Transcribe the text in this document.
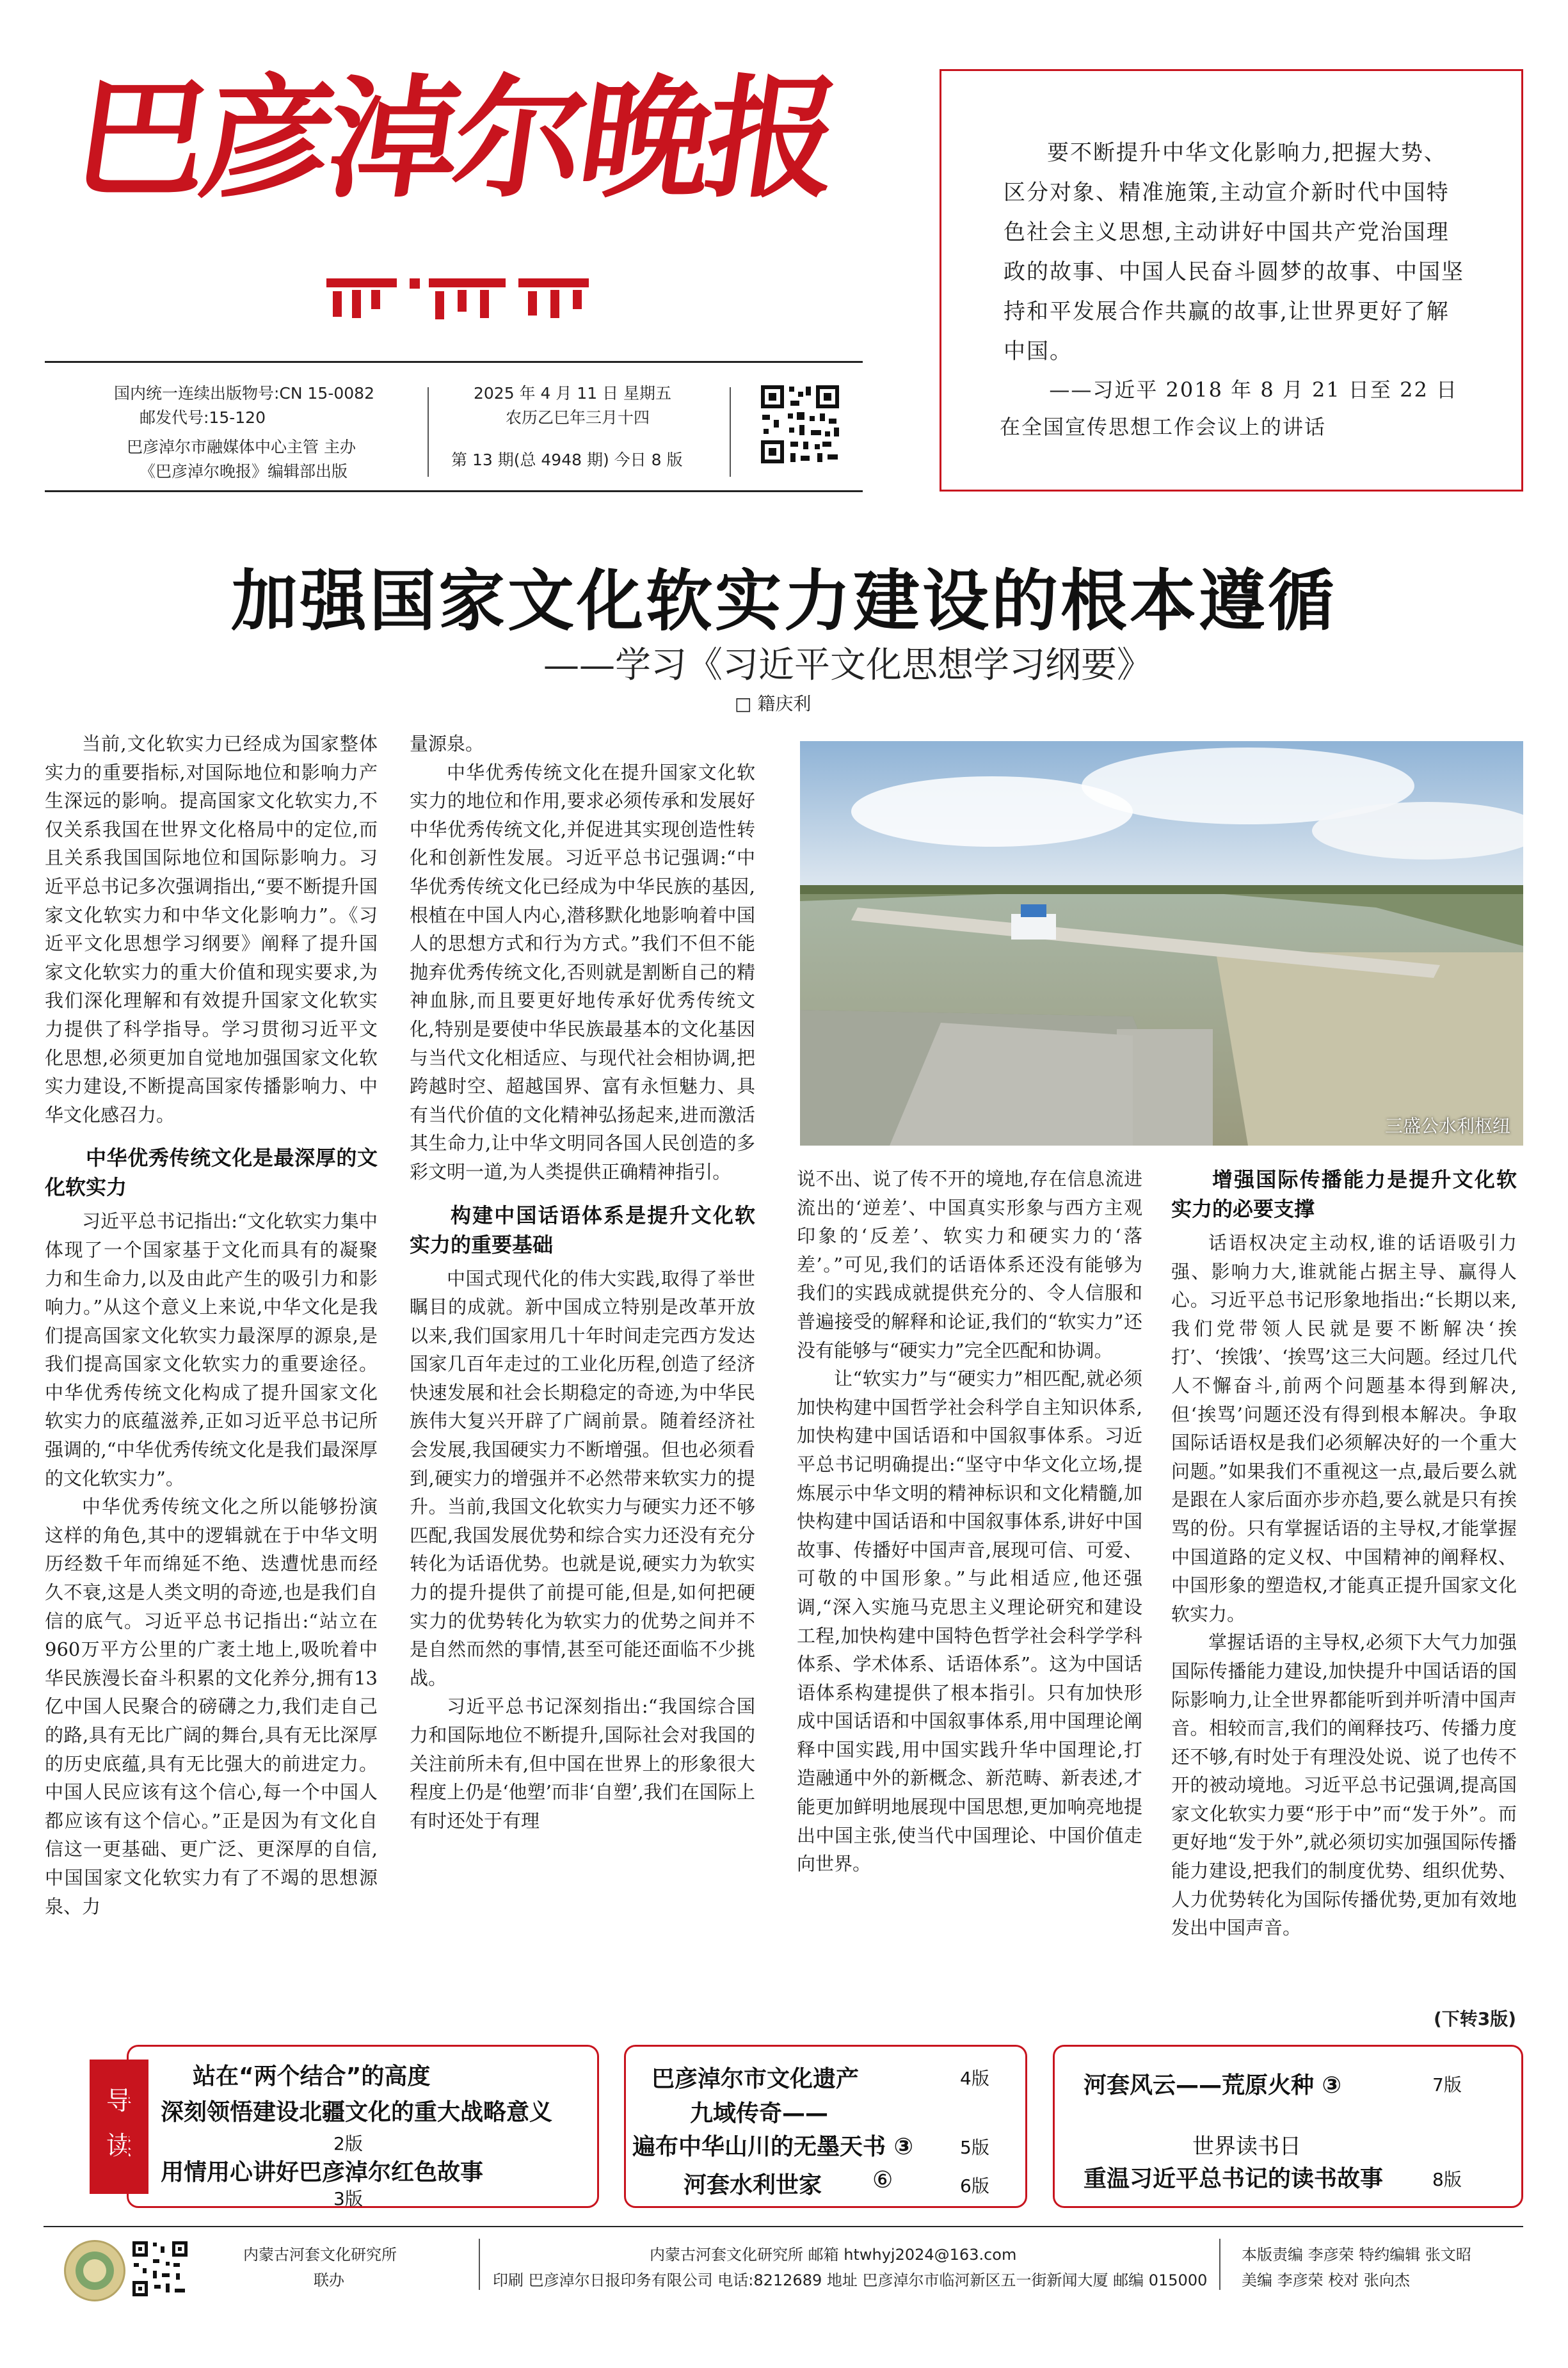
巴彦淖尔晚报
国内统一连续出版物号:CN 15-0082
邮发代号:15-120
巴彦淖尔市融媒体中心主管 主办
《巴彦淖尔晚报》编辑部出版
2025 年 4 月 11 日 星期五
农历乙巳年三月十四
第 13 期(总 4948 期) 今日 8 版
要不断提升中华文化影响力,把握大势、区分对象、精准施策,主动宣介新时代中国特色社会主义思想,主动讲好中国共产党治国理政的故事、中国人民奋斗圆梦的故事、中国坚持和平发展合作共赢的故事,让世界更好了解中国。
——习近平 2018 年 8 月 21 日至 22 日
在全国宣传思想工作会议上的讲话
加强国家文化软实力建设的根本遵循
——学习《习近平文化思想学习纲要》
□ 籍庆利

当前,文化软实力已经成为国家整体实力的重要指标,对国际地位和影响力产生深远的影响。提高国家文化软实力,不仅关系我国在世界文化格局中的定位,而且关系我国国际地位和国际影响力。习近平总书记多次强调指出,“要不断提升国家文化软实力和中华文化影响力”。《习近平文化思想学习纲要》阐释了提升国家文化软实力的重大价值和现实要求,为我们深化理解和有效提升国家文化软实力提供了科学指导。学习贯彻习近平文化思想,必须更加自觉地加强国家文化软实力建设,不断提高国家传播影响力、中华文化感召力。

中华优秀传统文化是最深厚的文化软实力

习近平总书记指出:“文化软实力集中体现了一个国家基于文化而具有的凝聚力和生命力,以及由此产生的吸引力和影响力。”从这个意义上来说,中华文化是我们提高国家文化软实力最深厚的源泉,是我们提高国家文化软实力的重要途径。中华优秀传统文化构成了提升国家文化软实力的底蕴滋养,正如习近平总书记所强调的,“中华优秀传统文化是我们最深厚的文化软实力”。

中华优秀传统文化之所以能够扮演这样的角色,其中的逻辑就在于中华文明历经数千年而绵延不绝、迭遭忧患而经久不衰,这是人类文明的奇迹,也是我们自信的底气。习近平总书记指出:“站立在960万平方公里的广袤土地上,吸吮着中华民族漫长奋斗积累的文化养分,拥有13亿中国人民聚合的磅礴之力,我们走自己的路,具有无比广阔的舞台,具有无比深厚的历史底蕴,具有无比强大的前进定力。中国人民应该有这个信心,每一个中国人都应该有这个信心。”正是因为有文化自信这一更基础、更广泛、更深厚的自信,中国国家文化软实力有了不竭的思想源泉、力

量源泉。

中华优秀传统文化在提升国家文化软实力的地位和作用,要求必须传承和发展好中华优秀传统文化,并促进其实现创造性转化和创新性发展。习近平总书记强调:“中华优秀传统文化已经成为中华民族的基因,根植在中国人内心,潜移默化地影响着中国人的思想方式和行为方式。”我们不但不能抛弃优秀传统文化,否则就是割断自己的精神血脉,而且要更好地传承好优秀传统文化,特别是要使中华民族最基本的文化基因与当代文化相适应、与现代社会相协调,把跨越时空、超越国界、富有永恒魅力、具有当代价值的文化精神弘扬起来,进而激活其生命力,让中华文明同各国人民创造的多彩文明一道,为人类提供正确精神指引。

构建中国话语体系是提升文化软实力的重要基础

中国式现代化的伟大实践,取得了举世瞩目的成就。新中国成立特别是改革开放以来,我们国家用几十年时间走完西方发达国家几百年走过的工业化历程,创造了经济快速发展和社会长期稳定的奇迹,为中华民族伟大复兴开辟了广阔前景。随着经济社会发展,我国硬实力不断增强。但也必须看到,硬实力的增强并不必然带来软实力的提升。当前,我国文化软实力与硬实力还不够匹配,我国发展优势和综合实力还没有充分转化为话语优势。也就是说,硬实力为软实力的提升提供了前提可能,但是,如何把硬实力的优势转化为软实力的优势之间并不是自然而然的事情,甚至可能还面临不少挑战。

习近平总书记深刻指出:“我国综合国力和国际地位不断提升,国际社会对我国的关注前所未有,但中国在世界上的形象很大程度上仍是‘他塑’而非‘自塑’,我们在国际上有时还处于有理

三盛公水利枢纽

说不出、说了传不开的境地,存在信息流进流出的‘逆差’、中国真实形象与西方主观印象的‘反差’、软实力和硬实力的‘落差’。”可见,我们的话语体系还没有能够为我们的实践成就提供充分的、令人信服和普遍接受的解释和论证,我们的“软实力”还没有能够与“硬实力”完全匹配和协调。

让“软实力”与“硬实力”相匹配,就必须加快构建中国哲学社会科学自主知识体系,加快构建中国话语和中国叙事体系。习近平总书记明确提出:“坚守中华文化立场,提炼展示中华文明的精神标识和文化精髓,加快构建中国话语和中国叙事体系,讲好中国故事、传播好中国声音,展现可信、可爱、可敬的中国形象。”与此相适应,他还强调,“深入实施马克思主义理论研究和建设工程,加快构建中国特色哲学社会科学学科体系、学术体系、话语体系”。这为中国话语体系构建提供了根本指引。只有加快形成中国话语和中国叙事体系,用中国理论阐释中国实践,用中国实践升华中国理论,打造融通中外的新概念、新范畴、新表述,才能更加鲜明地展现中国思想,更加响亮地提出中国主张,使当代中国理论、中国价值走向世界。

增强国际传播能力是提升文化软实力的必要支撑

话语权决定主动权,谁的话语吸引力强、影响力大,谁就能占据主导、赢得人心。习近平总书记形象地指出:“长期以来,我们党带领人民就是要不断解决‘挨打’、‘挨饿’、‘挨骂’这三大问题。经过几代人不懈奋斗,前两个问题基本得到解决,但‘挨骂’问题还没有得到根本解决。争取国际话语权是我们必须解决好的一个重大问题。”如果我们不重视这一点,最后要么就是跟在人家后面亦步亦趋,要么就是只有挨骂的份。只有掌握话语的主导权,才能掌握中国道路的定义权、中国精神的阐释权、中国形象的塑造权,才能真正提升国家文化软实力。

掌握话语的主导权,必须下大气力加强国际传播能力建设,加快提升中国话语的国际影响力,让全世界都能听到并听清中国声音。相较而言,我们的阐释技巧、传播力度还不够,有时处于有理没处说、说了也传不开的被动境地。习近平总书记强调,提高国家文化软实力要“形于中”而“发于外”。而更好地“发于外”,就必须切实加强国际传播能力建设,把我们的制度优势、组织优势、人力优势转化为国际传播优势,更加有效地发出中国声音。

(下转3版)
导
读
站在“两个结合”的高度
深刻领悟建设北疆文化的重大战略意义
2版
用情用心讲好巴彦淖尔红色故事
3版
巴彦淖尔市文化遗产	4版
九域传奇——
遍布中华山川的无墨天书 ③	5版
河套水利世家 ⑥	6版
河套风云——荒原火种 ③	7版
世界读书日
重温习近平总书记的读书故事	8版
内蒙古河套文化研究所
联办
内蒙古河套文化研究所 邮箱 htwhyj2024@163.com
印刷 巴彦淖尔日报印务有限公司 电话:8212689 地址 巴彦淖尔市临河新区五一街新闻大厦 邮编 015000
本版责编 李彦荣 特约编辑 张文昭
美编 李彦荣 校对 张向杰
